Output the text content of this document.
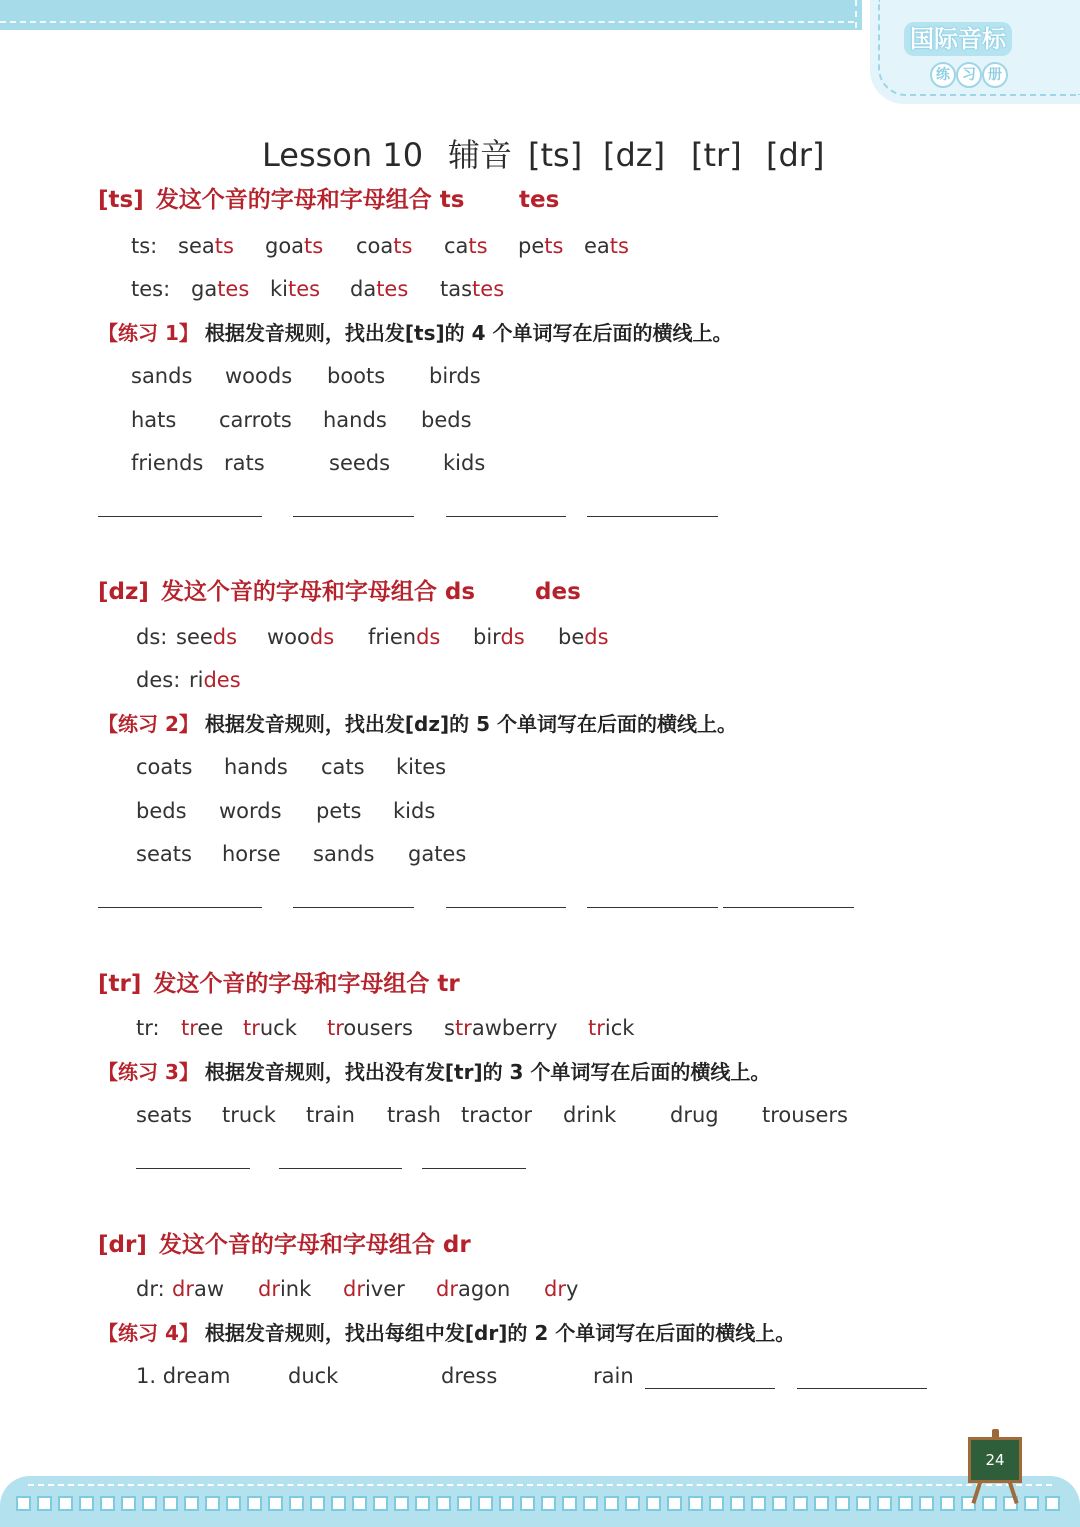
国际音标
练 习 册
Lesson 10 辅音 [ts] [dz] [tr] [dr]
[ts] 发这个音的字母和字母组合 ts tes
ts: seats goats coats cats pets eats
tes: gates kites dates tastes
【练习 1】 根据发音规则，找出发[ts]的 4 个单词写在后面的横线上。
sands woods boots birds
hats carrots hands beds
friends rats	seeds	kids
[dz] 发这个音的字母和字母组合 ds	des
ds: seeds woods friends birds beds
des: rides
【练习 2】 根据发音规则，找出发[dz]的 5 个单词写在后面的横线上。
coats hands cats kites
beds words pets kids
seats horse sands gates
[tr] 发这个音的字母和字母组合 tr
tr: tree truck trousers strawberry trick
【练习 3】 根据发音规则，找出没有发[tr]的 3 个单词写在后面的横线上。
seats truck train trash tractor drink	drug trousers
[dr] 发这个音的字母和字母组合 dr
dr: draw drink driver dragon dry
【练习 4】 根据发音规则，找出每组中发[dr]的 2 个单词写在后面的横线上。
1. dream	duck	dress	rain
24
